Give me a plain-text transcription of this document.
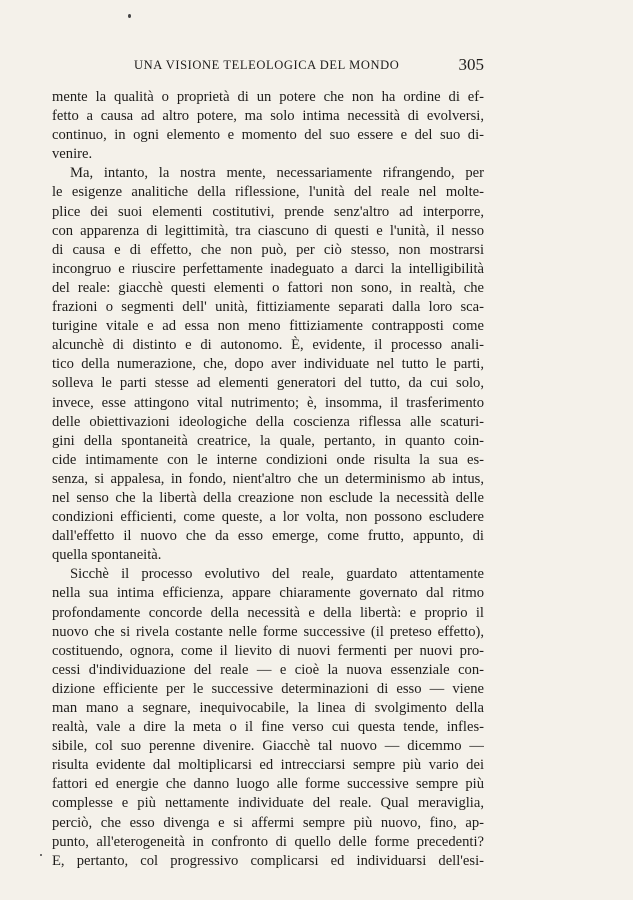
UNA VISIONE TELEOLOGICA DEL MONDO	305
mente la qualità o proprietà di un potere che non ha ordine di ef-
fetto a causa ad altro potere, ma solo intima necessità di evolversi,
continuo, in ogni elemento e momento del suo essere e del suo di-
venire.
Ma, intanto, la nostra mente, necessariamente rifrangendo, per
le esigenze analitiche della riflessione, l'unità del reale nel molte-
plice dei suoi elementi costitutivi, prende senz'altro ad interporre,
con apparenza di legittimità, tra ciascuno di questi e l'unità, il nesso
di causa e di effetto, che non può, per ciò stesso, non mostrarsi
incongruo e riuscire perfettamente inadeguato a darci la intelligibilità
del reale: giacchè questi elementi o fattori non sono, in realtà, che
frazioni o segmenti dell' unità, fittiziamente separati dalla loro sca-
turigine vitale e ad essa non meno fittiziamente contrapposti come
alcunchè di distinto e di autonomo. È, evidente, il processo anali-
tico della numerazione, che, dopo aver individuate nel tutto le parti,
solleva le parti stesse ad elementi generatori del tutto, da cui solo,
invece, esse attingono vital nutrimento; è, insomma, il trasferimento
delle obiettivazioni ideologiche della coscienza riflessa alle scaturi-
gini della spontaneità creatrice, la quale, pertanto, in quanto coin-
cide intimamente con le interne condizioni onde risulta la sua es-
senza, si appalesa, in fondo, nient'altro che un determinismo ab intus,
nel senso che la libertà della creazione non esclude la necessità delle
condizioni efficienti, come queste, a lor volta, non possono escludere
dall'effetto il nuovo che da esso emerge, come frutto, appunto, di
quella spontaneità.
Sicchè il processo evolutivo del reale, guardato attentamente
nella sua intima efficienza, appare chiaramente governato dal ritmo
profondamente concorde della necessità e della libertà: e proprio il
nuovo che si rivela costante nelle forme successive (il preteso effetto),
costituendo, ognora, come il lievito di nuovi fermenti per nuovi pro-
cessi d'individuazione del reale — e cioè la nuova essenziale con-
dizione efficiente per le successive determinazioni di esso — viene
man mano a segnare, inequivocabile, la linea di svolgimento della
realtà, vale a dire la meta o il fine verso cui questa tende, infles-
sibile, col suo perenne divenire. Giacchè tal nuovo — dicemmo —
risulta evidente dal moltiplicarsi ed intrecciarsi sempre più vario dei
fattori ed energie che danno luogo alle forme successive sempre più
complesse e più nettamente individuate del reale. Qual meraviglia,
perciò, che esso divenga e si affermi sempre più nuovo, fino, ap-
punto, all'eterogeneità in confronto di quello delle forme precedenti?
E, pertanto, col progressivo complicarsi ed individuarsi dell'esi-
